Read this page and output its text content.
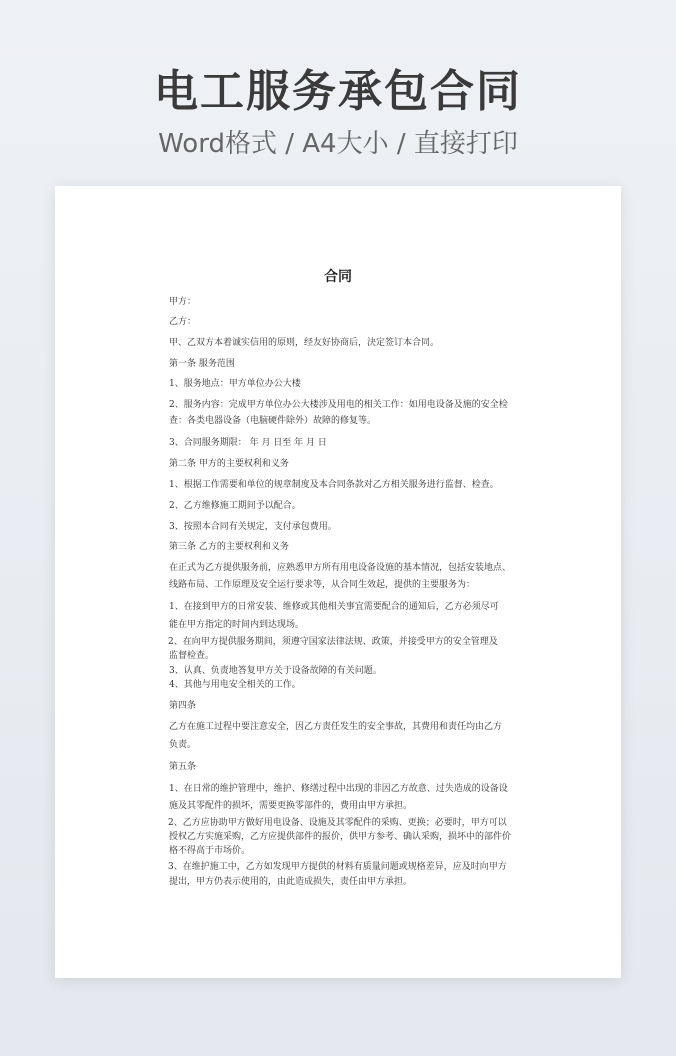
电工服务承包合同
Word格式 / A4大小 / 直接打印
合同
甲方：
乙方：
甲、乙双方本着诚实信用的原则，经友好协商后，決定签订本合同。
第一条 服务范围
1、服务地点：甲方单位办公大楼
2、服务内容：完成甲方单位办公大楼涉及用电的相关工作：如用电设备及施的安全检
查：各类电器设备（电脑硬件除外）故障的修复等。
3、合同服务期限： 年 月 日至 年 月 日
第二条 甲方的主要权利和义务
1、根据工作需要和单位的规章制度及本合同条款对乙方相关服务进行监督、检查。
2、乙方维修施工期间予以配合。
3、按照本合同有关规定，支付承包费用。
第三条 乙方的主要权利和义务
在正式为乙方提供服务前，应熟悉甲方所有用电设备设施的基本情况，包括安装地点、
线路布局、工作原理及安全运行要求等，从合同生效起，提供的主要服务为：
1、在接到甲方的日常安装、维修或其他相关事宜需要配合的通知后，乙方必须尽可
能在甲方指定的时间内到达现场。
2、在向甲方提供服务期间，须遵守国家法律法规、政策，并接受甲方的安全管理及
监督检查。
3、认真、负责地答复甲方关于设备故障的有关问题。
4、其他与用电安全相关的工作。
第四条
乙方在施工过程中要注意安全，因乙方责任发生的安全事故，其费用和责任均由乙方
负责。
第五条
1、在日常的维护管理中，维护、修缮过程中出现的非因乙方故意、过失造成的设备设
施及其零配件的损坏，需要更换零部件的，费用由甲方承担。
2、乙方应协助甲方做好用电设备、设施及其零配件的采购、更换；必要时，甲方可以
授权乙方实施采购，乙方应提供部件的报价，供甲方参考、确认采购，损坏中的部件价
格不得高于市场价。
3、在维护施工中，乙方如发现甲方提供的材料有质量问题或规格差异，应及时向甲方
提出，甲方仍表示使用的，由此造成损失，责任由甲方承担。
